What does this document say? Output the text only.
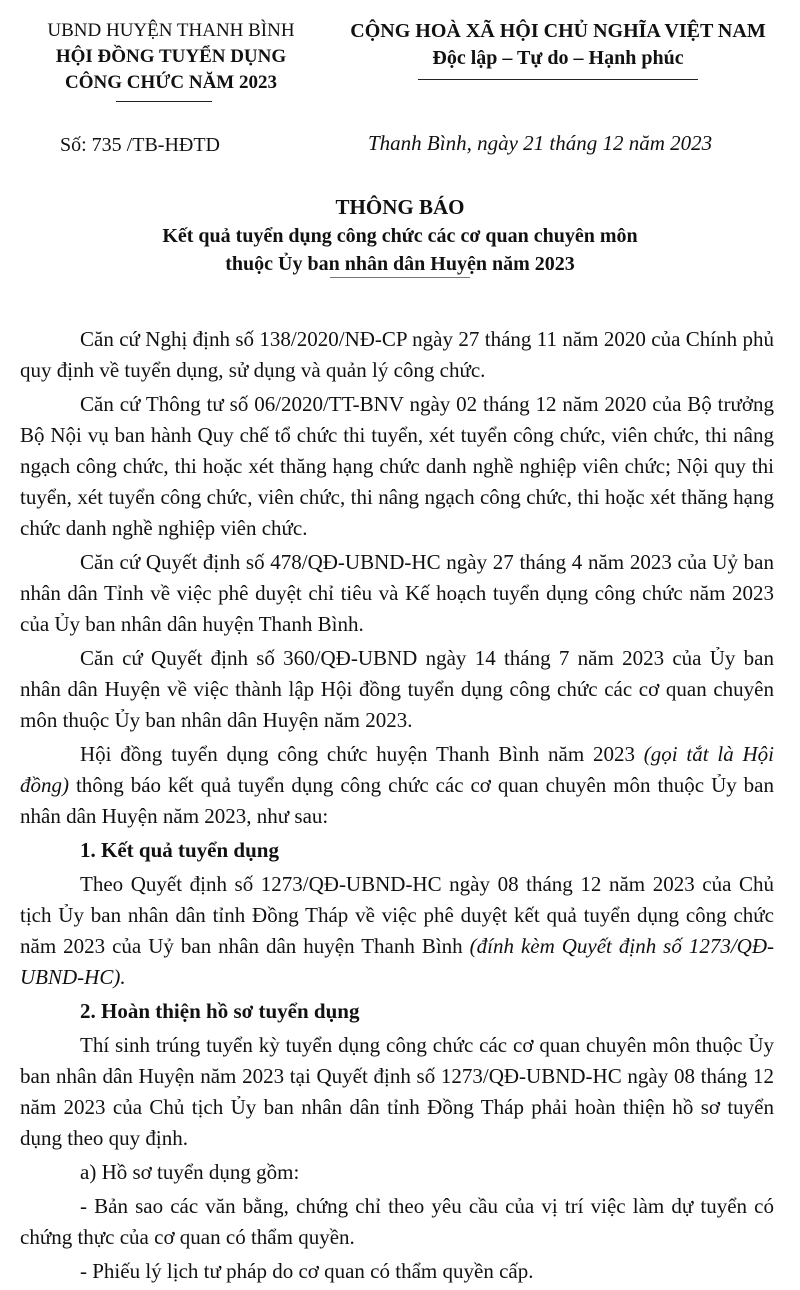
UBND HUYỆN THANH BÌNH
HỘI ĐỒNG TUYỂN DỤNG
CÔNG CHỨC NĂM 2023
CỘNG HOÀ XÃ HỘI CHỦ NGHĨA VIỆT NAM
Độc lập – Tự do – Hạnh phúc
Số: 735 /TB-HĐTD	Thanh Bình, ngày 21 tháng 12 năm 2023
THÔNG BÁO
Kết quả tuyển dụng công chức các cơ quan chuyên môn
thuộc Ủy ban nhân dân Huyện năm 2023

Căn cứ Nghị định số 138/2020/NĐ-CP ngày 27 tháng 11 năm 2020 của Chính phủ quy định về tuyển dụng, sử dụng và quản lý công chức.

Căn cứ Thông tư số 06/2020/TT-BNV ngày 02 tháng 12 năm 2020 của Bộ trưởng Bộ Nội vụ ban hành Quy chế tổ chức thi tuyển, xét tuyển công chức, viên chức, thi nâng ngạch công chức, thi hoặc xét thăng hạng chức danh nghề nghiệp viên chức; Nội quy thi tuyển, xét tuyển công chức, viên chức, thi nâng ngạch công chức, thi hoặc xét thăng hạng chức danh nghề nghiệp viên chức.

Căn cứ Quyết định số 478/QĐ-UBND-HC ngày 27 tháng 4 năm 2023 của Uỷ ban nhân dân Tỉnh về việc phê duyệt chỉ tiêu và Kế hoạch tuyển dụng công chức năm 2023 của Ủy ban nhân dân huyện Thanh Bình.

Căn cứ Quyết định số 360/QĐ-UBND ngày 14 tháng 7 năm 2023 của Ủy ban nhân dân Huyện về việc thành lập Hội đồng tuyển dụng công chức các cơ quan chuyên môn thuộc Ủy ban nhân dân Huyện năm 2023.

Hội đồng tuyển dụng công chức huyện Thanh Bình năm 2023 (gọi tắt là Hội đồng) thông báo kết quả tuyển dụng công chức các cơ quan chuyên môn thuộc Ủy ban nhân dân Huyện năm 2023, như sau:

1. Kết quả tuyển dụng

Theo Quyết định số 1273/QĐ-UBND-HC ngày 08 tháng 12 năm 2023 của Chủ tịch Ủy ban nhân dân tỉnh Đồng Tháp về việc phê duyệt kết quả tuyển dụng công chức năm 2023 của Uỷ ban nhân dân huyện Thanh Bình (đính kèm Quyết định số 1273/QĐ-UBND-HC).

2. Hoàn thiện hồ sơ tuyển dụng

Thí sinh trúng tuyển kỳ tuyển dụng công chức các cơ quan chuyên môn thuộc Ủy ban nhân dân Huyện năm 2023 tại Quyết định số 1273/QĐ-UBND-HC ngày 08 tháng 12 năm 2023 của Chủ tịch Ủy ban nhân dân tỉnh Đồng Tháp phải hoàn thiện hồ sơ tuyển dụng theo quy định.

a) Hồ sơ tuyển dụng gồm:

- Bản sao các văn bằng, chứng chỉ theo yêu cầu của vị trí việc làm dự tuyển có chứng thực của cơ quan có thẩm quyền.

- Phiếu lý lịch tư pháp do cơ quan có thẩm quyền cấp.
